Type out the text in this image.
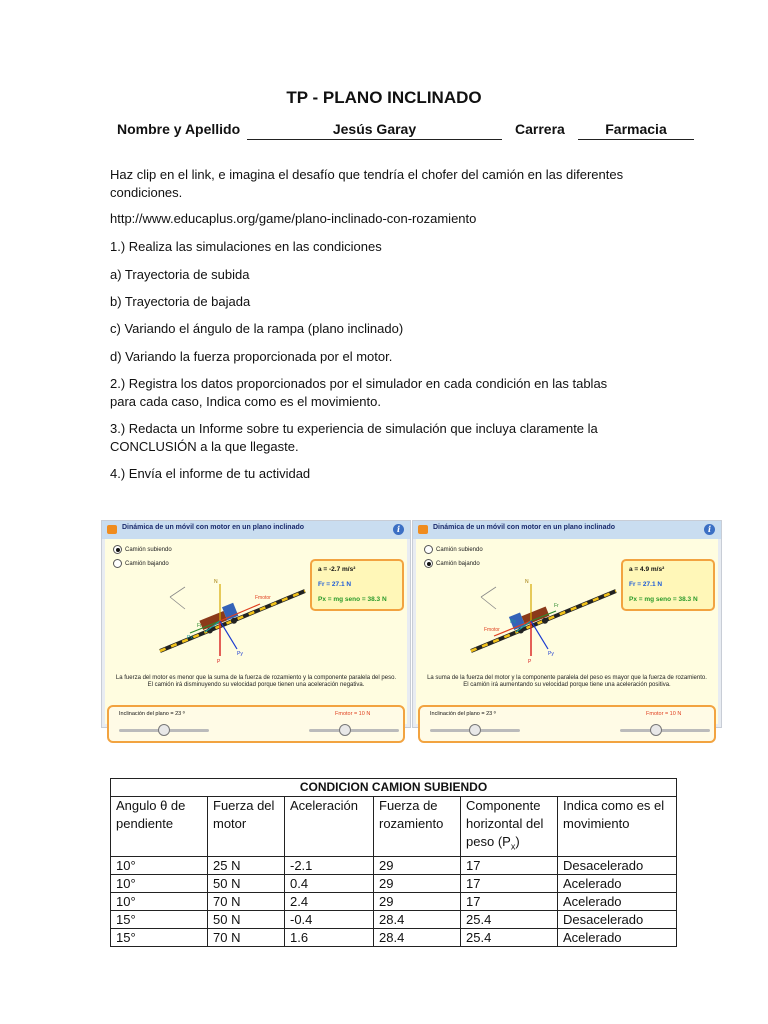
TP - PLANO INCLINADO
Nombre y Apellido	Jesús Garay	Carrera	Farmacia
Haz clip en el link, e imagina el desafío que tendría el chofer del camión en las diferentes condiciones.
http://www.educaplus.org/game/plano-inclinado-con-rozamiento
1.) Realiza las simulaciones en las condiciones
a) Trayectoria de subida
b) Trayectoria de bajada
c) Variando el ángulo de la rampa (plano inclinado)
d) Variando la fuerza proporcionada por el motor.
2.) Registra los datos proporcionados por el simulador en cada condición en las tablas para cada caso, Indica como es el movimiento.
3.) Redacta un Informe sobre tu experiencia de simulación que incluya claramente la CONCLUSIÓN a la que llegaste.
4.) Envía el informe de tu actividad
Dinámica de un móvil con motor en un plano inclinado	i
Camión subiendo
Camión bajando
N
Fmotor
Fr
Px
Py
P
a = -2.7 m/s²
Fr = 27.1 N
Px = mg seno = 38.3 N
La fuerza del motor es menor que la suma de la fuerza de rozamiento y la componente paralela del peso. El camión irá disminuyendo su velocidad porque tienen una aceleración negativa.
Inclinación del plano = 23 º	Fmotor = 10 N
Dinámica de un móvil con motor en un plano inclinado	i
Camión subiendo
Camión bajando
N
Fmotor
Fr
Px
Py
P
a = 4.9 m/s²
Fr = 27.1 N
Px = mg seno = 38.3 N
La suma de la fuerza del motor y la componente paralela del peso es mayor que la fuerza de rozamiento. El camión irá aumentando su velocidad porque tiene una aceleración positiva.
Inclinación del plano = 23 º	Fmotor = 10 N
CONDICION CAMION SUBIENDO					
Angulo θ de pendiente	Fuerza del motor	Aceleración	Fuerza de rozamiento	Componente horizontal del peso $(P_x)$	Indica como es el movimiento
10°	25 N	-2.1	29	17	Desacelerado
10°	50 N	0.4	29	17	Acelerado
10°	70 N	2.4	29	17	Acelerado
15°	50 N	-0.4	28.4	25.4	Desacelerado
15°	70 N	1.6	28.4	25.4	Acelerado
